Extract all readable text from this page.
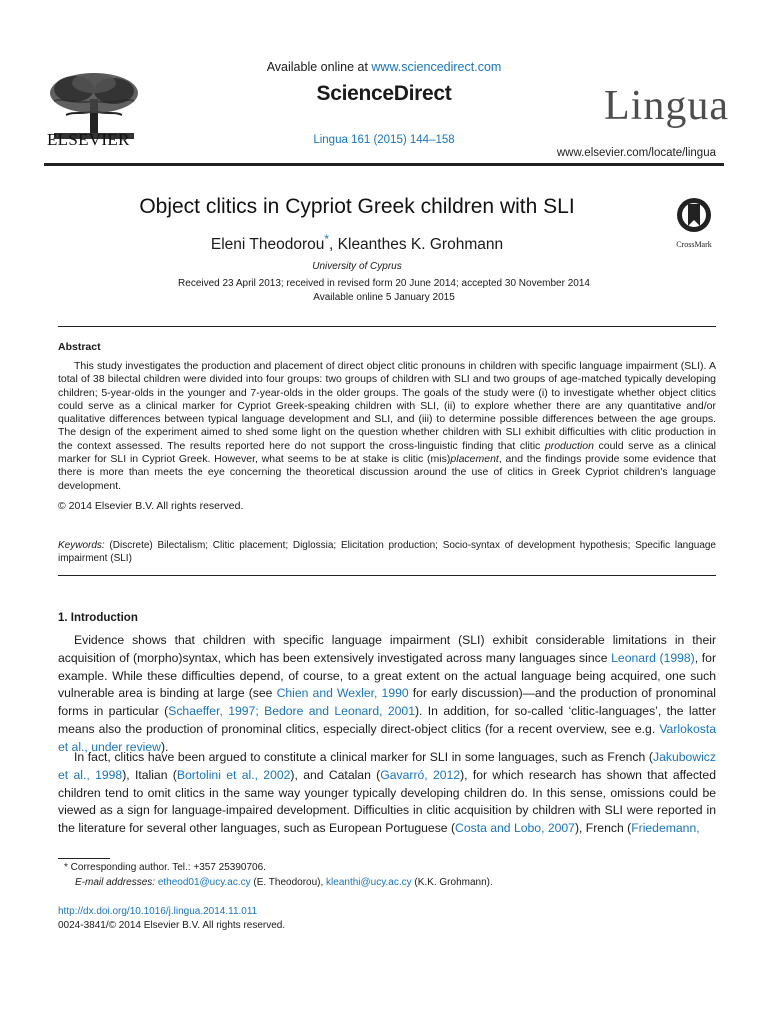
ELSEVIER
Available online at www.sciencedirect.com
ScienceDirect
Lingua 161 (2015) 144–158
Lingua
www.elsevier.com/locate/lingua
Object clitics in Cypriot Greek children with SLI
Eleni Theodorou*, Kleanthes K. Grohmann	CrossMark
University of Cyprus
Received 23 April 2013; received in revised form 20 June 2014; accepted 30 November 2014
Available online 5 January 2015
Abstract
This study investigates the production and placement of direct object clitic pronouns in children with specific language impairment (SLI). A total of 38 bilectal children were divided into four groups: two groups of children with SLI and two groups of age-matched typically developing children; 5-year-olds in the younger and 7-year-olds in the older groups. The goals of the study were (i) to investigate whether object clitics could serve as a clinical marker for Cypriot Greek-speaking children with SLI, (ii) to explore whether there are any quantitative and/or qualitative differences between typical language development and SLI, and (iii) to determine possible differences between the age groups. The design of the experiment aimed to shed some light on the question whether children with SLI exhibit difficulties with clitic production in the context assessed. The results reported here do not support the cross-linguistic finding that clitic production could serve as a clinical marker for SLI in Cypriot Greek. However, what seems to be at stake is clitic (mis)placement, and the findings provide some evidence that there is more than meets the eye concerning the theoretical discussion around the use of clitics in Greek Cypriot children's language development.
© 2014 Elsevier B.V. All rights reserved.
Keywords: (Discrete) Bilectalism; Clitic placement; Diglossia; Elicitation production; Socio-syntax of development hypothesis; Specific language impairment (SLI)
1. Introduction
Evidence shows that children with specific language impairment (SLI) exhibit considerable limitations in their acquisition of (morpho)syntax, which has been extensively investigated across many languages since Leonard (1998), for example. While these difficulties depend, of course, to a great extent on the actual language being acquired, one such vulnerable area is binding at large (see Chien and Wexler, 1990 for early discussion)—and the production of pronominal forms in particular (Schaeffer, 1997; Bedore and Leonard, 2001). In addition, for so-called ‘clitic-languages’, the latter means also the production of pronominal clitics, especially direct-object clitics (for a recent overview, see e.g. Varlokosta et al., under review).
In fact, clitics have been argued to constitute a clinical marker for SLI in some languages, such as French (Jakubowicz et al., 1998), Italian (Bortolini et al., 2002), and Catalan (Gavarró, 2012), for which research has shown that affected children tend to omit clitics in the same way younger typically developing children do. In this sense, omissions could be viewed as a sign for language-impaired development. Difficulties in clitic acquisition by children with SLI were reported in the literature for several other languages, such as European Portuguese (Costa and Lobo, 2007), French (Friedemann,
* Corresponding author. Tel.: +357 25390706.
E-mail addresses: etheod01@ucy.ac.cy (E. Theodorou), kleanthi@ucy.ac.cy (K.K. Grohmann).
http://dx.doi.org/10.1016/j.lingua.2014.11.011
0024-3841/© 2014 Elsevier B.V. All rights reserved.
